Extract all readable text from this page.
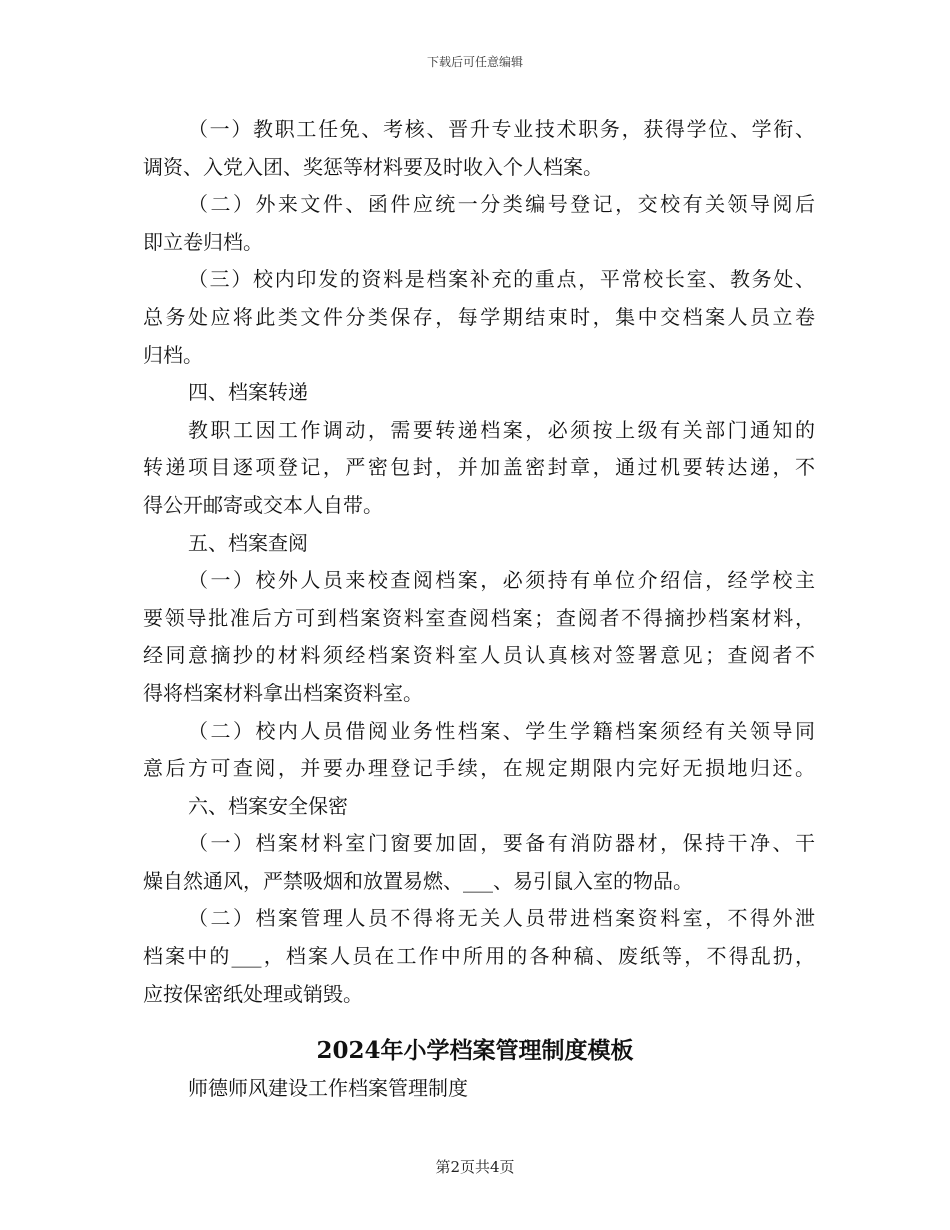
下载后可任意编辑
（一）教职工任免、考核、晋升专业技术职务，获得学位、学衔、
调资、入党入团、奖惩等材料要及时收入个人档案。
（二）外来文件、函件应统一分类编号登记，交校有关领导阅后
即立卷归档。
（三）校内印发的资料是档案补充的重点，平常校长室、教务处、
总务处应将此类文件分类保存，每学期结束时，集中交档案人员立卷
归档。
四、档案转递
教职工因工作调动，需要转递档案，必须按上级有关部门通知的
转递项目逐项登记，严密包封，并加盖密封章，通过机要转达递，不
得公开邮寄或交本人自带。
五、档案查阅
（一）校外人员来校查阅档案，必须持有单位介绍信，经学校主
要领导批准后方可到档案资料室查阅档案；查阅者不得摘抄档案材料，
经同意摘抄的材料须经档案资料室人员认真核对签署意见；查阅者不
得将档案材料拿出档案资料室。
（二）校内人员借阅业务性档案、学生学籍档案须经有关领导同
意后方可查阅，并要办理登记手续，在规定期限内完好无损地归还。
六、档案安全保密
（一）档案材料室门窗要加固，要备有消防器材，保持干净、干
燥自然通风，严禁吸烟和放置易燃、___、易引鼠入室的物品。
（二）档案管理人员不得将无关人员带进档案资料室，不得外泄
档案中的___，档案人员在工作中所用的各种稿、废纸等，不得乱扔，
应按保密纸处理或销毁。
2024年小学档案管理制度模板
师德师风建设工作档案管理制度
第2页共4页
